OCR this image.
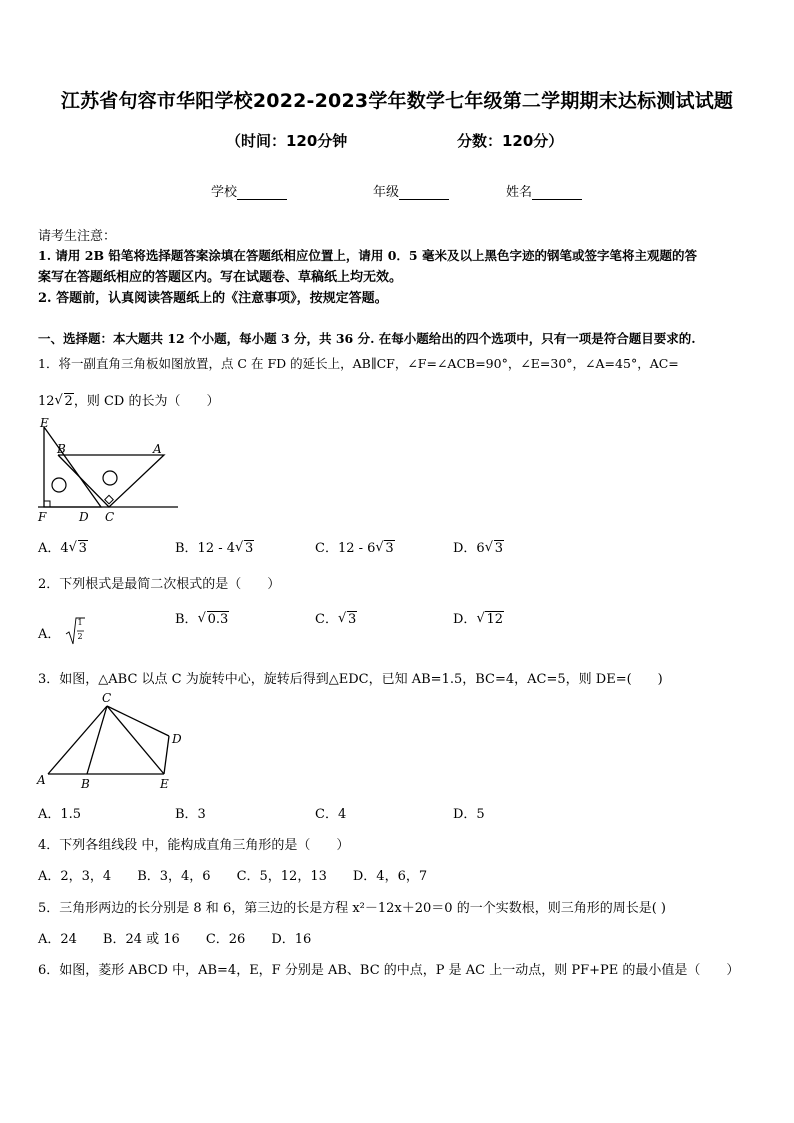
江苏省句容市华阳学校2022-2023学年数学七年级第二学期期末达标测试试题
（时间：120分钟	分数：120分）
学校	年级	姓名
请考生注意：
1. 请用 2B 铅笔将选择题答案涂填在答题纸相应位置上，请用 0．5 毫米及以上黑色字迹的钢笔或签字笔将主观题的答
案写在答题纸相应的答题区内。写在试题卷、草稿纸上均无效。
2. 答题前，认真阅读答题纸上的《注意事项》，按规定答题。
一、选择题：本大题共 12 个小题，每小题 3 分，共 36 分. 在每小题给出的四个选项中，只有一项是符合题目要求的.
1．将一副直角三角板如图放置，点 C 在 FD 的延长上，AB∥CF，∠F=∠ACB=90°，∠E=30°，∠A=45°，AC=
12 √ 2，则 CD 的长为（　　）
E
B	A
F	D C
A．4 √ 3	B．12 - 4 √ 3	C．12 - 6 √ 3	D．6 √ 3
2．下列根式是最简二次根式的是（　　）
A．
1
2
B． √ 0.3	C． √ 3	D． √ 12
3．如图，△ABC 以点 C 为旋转中心，旋转后得到△EDC，已知 AB=1.5，BC=4，AC=5，则 DE=(　　)
C
D
A	B	E
A．1.5	B．3	C．4	D．5
4．下列各组线段 中，能构成直角三角形的是（　　）
A．2，3，4　　B．3，4，6　　C．5，12，13　　D．4，6，7
5．三角形两边的长分别是 8 和 6，第三边的长是方程 x²－12x＋20＝0 的一个实数根，则三角形的周长是( )
A．24　　B．24 或 16　　C．26　　D．16
6．如图，菱形 ABCD 中，AB=4，E，F 分别是 AB、BC 的中点，P 是 AC 上一动点，则 PF+PE 的最小值是（　　）
